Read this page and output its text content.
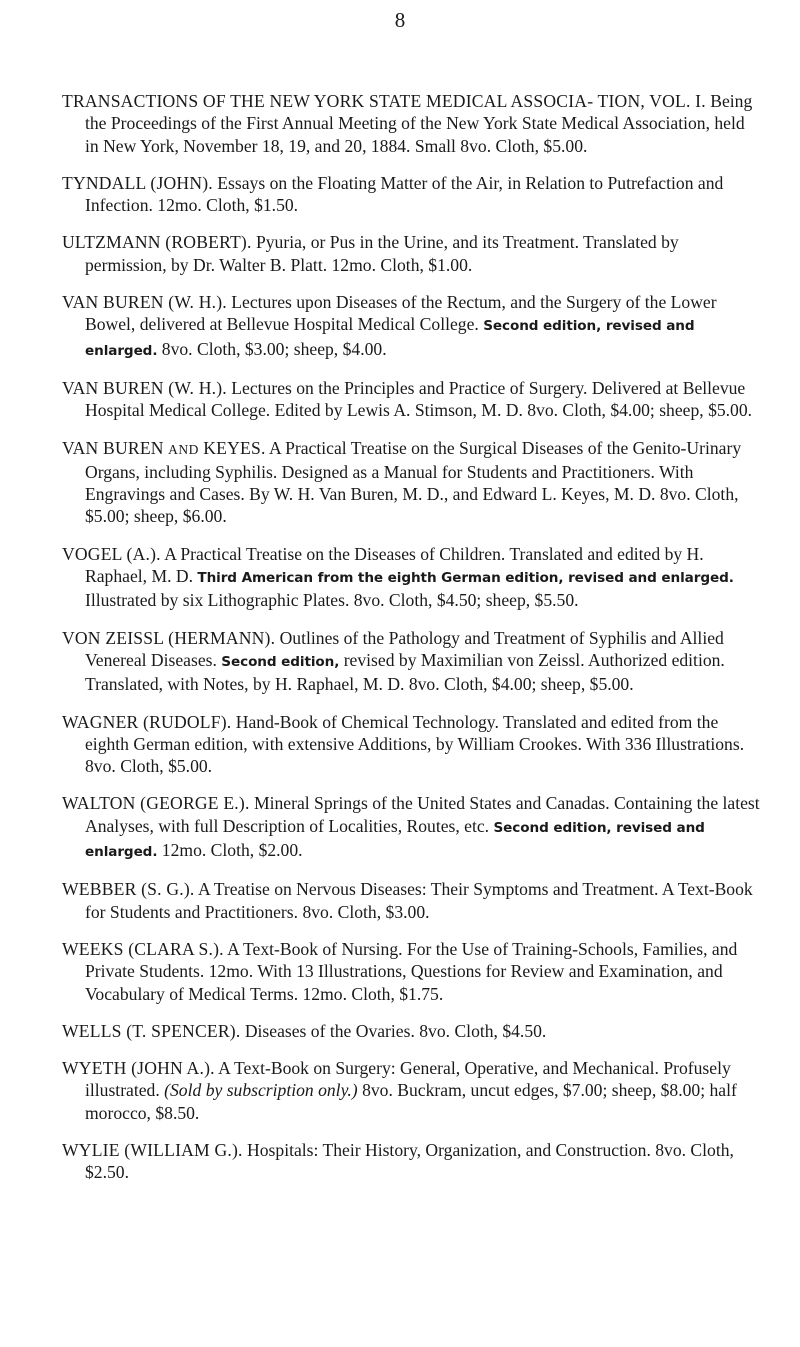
8

TRANSACTIONS OF THE NEW YORK STATE MEDICAL ASSOCIA- TION, VOL. I. Being the Proceedings of the First Annual Meeting of the New York State Medical Association, held in New York, November 18, 19, and 20, 1884. Small 8vo. Cloth, $5.00.

TYNDALL (JOHN). Essays on the Floating Matter of the Air, in Relation to Putrefaction and Infection. 12mo. Cloth, $1.50.

ULTZMANN (ROBERT). Pyuria, or Pus in the Urine, and its Treatment. Translated by permission, by Dr. Walter B. Platt. 12mo. Cloth, $1.00.

VAN BUREN (W. H.). Lectures upon Diseases of the Rectum, and the Surgery of the Lower Bowel, delivered at Bellevue Hospital Medical College. Second edition, revised and enlarged. 8vo. Cloth, $3.00; sheep, $4.00.

VAN BUREN (W. H.). Lectures on the Principles and Practice of Surgery. Delivered at Bellevue Hospital Medical College. Edited by Lewis A. Stimson, M. D. 8vo. Cloth, $4.00; sheep, $5.00.

VAN BUREN AND KEYES. A Practical Treatise on the Surgical Diseases of the Genito-Urinary Organs, including Syphilis. Designed as a Manual for Students and Practitioners. With Engravings and Cases. By W. H. Van Buren, M. D., and Edward L. Keyes, M. D. 8vo. Cloth, $5.00; sheep, $6.00.

VOGEL (A.). A Practical Treatise on the Diseases of Children. Translated and edited by H. Raphael, M. D. Third American from the eighth German edition, revised and enlarged. Illustrated by six Lithographic Plates. 8vo. Cloth, $4.50; sheep, $5.50.

VON ZEISSL (HERMANN). Outlines of the Pathology and Treatment of Syphilis and Allied Venereal Diseases. Second edition, revised by Maximilian von Zeissl. Authorized edition. Translated, with Notes, by H. Raphael, M. D. 8vo. Cloth, $4.00; sheep, $5.00.

WAGNER (RUDOLF). Hand-Book of Chemical Technology. Translated and edited from the eighth German edition, with extensive Additions, by William Crookes. With 336 Illustrations. 8vo. Cloth, $5.00.

WALTON (GEORGE E.). Mineral Springs of the United States and Canadas. Containing the latest Analyses, with full Description of Localities, Routes, etc. Second edition, revised and enlarged. 12mo. Cloth, $2.00.

WEBBER (S. G.). A Treatise on Nervous Diseases: Their Symptoms and Treatment. A Text-Book for Students and Practitioners. 8vo. Cloth, $3.00.

WEEKS (CLARA S.). A Text-Book of Nursing. For the Use of Training-Schools, Families, and Private Students. 12mo. With 13 Illustrations, Questions for Review and Examination, and Vocabulary of Medical Terms. 12mo. Cloth, $1.75.

WELLS (T. SPENCER). Diseases of the Ovaries. 8vo. Cloth, $4.50.

WYETH (JOHN A.). A Text-Book on Surgery: General, Operative, and Mechanical. Profusely illustrated. (Sold by subscription only.) 8vo. Buckram, uncut edges, $7.00; sheep, $8.00; half morocco, $8.50.

WYLIE (WILLIAM G.). Hospitals: Their History, Organization, and Construction. 8vo. Cloth, $2.50.
